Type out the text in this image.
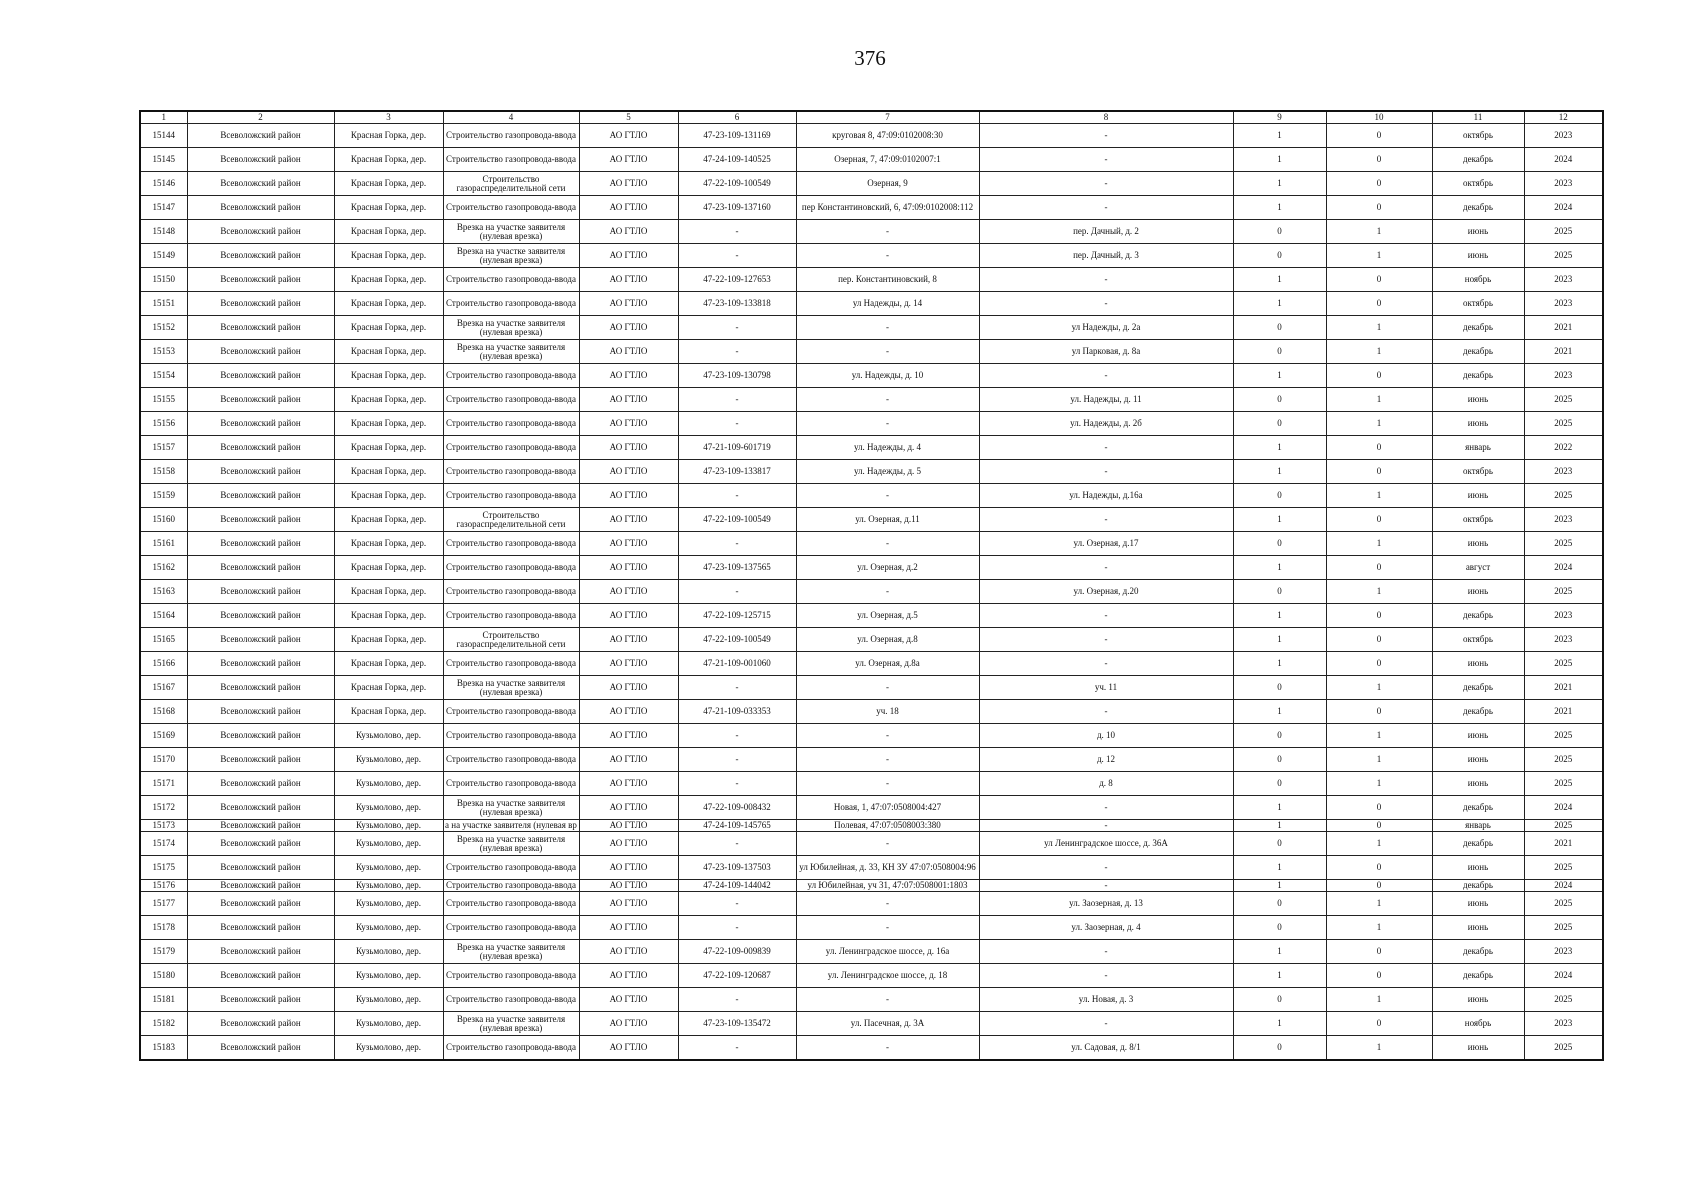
376
1	2	3	4	5	6	7	8	9	10	11	12
15144	Всеволожский район	Красная Горка, дер.	Строительство газопровода-ввода	АО ГТЛО	47-23-109-131169	круговая 8, 47:09:0102008:30	-	1	0	октябрь	2023
15145	Всеволожский район	Красная Горка, дер.	Строительство газопровода-ввода	АО ГТЛО	47-24-109-140525	Озерная, 7, 47:09:0102007:1	-	1	0	декабрь	2024
15146	Всеволожский район	Красная Горка, дер.	Строительство газораспределительной сети	АО ГТЛО	47-22-109-100549	Озерная, 9	-	1	0	октябрь	2023
15147	Всеволожский район	Красная Горка, дер.	Строительство газопровода-ввода	АО ГТЛО	47-23-109-137160	пер Константиновский, 6, 47:09:0102008:112	-	1	0	декабрь	2024
15148	Всеволожский район	Красная Горка, дер.	Врезка на участке заявителя (нулевая врезка)	АО ГТЛО	-	-	пер. Дачный, д. 2	0	1	июнь	2025
15149	Всеволожский район	Красная Горка, дер.	Врезка на участке заявителя (нулевая врезка)	АО ГТЛО	-	-	пер. Дачный, д. 3	0	1	июнь	2025
15150	Всеволожский район	Красная Горка, дер.	Строительство газопровода-ввода	АО ГТЛО	47-22-109-127653	пер. Константиновский, 8	-	1	0	ноябрь	2023
15151	Всеволожский район	Красная Горка, дер.	Строительство газопровода-ввода	АО ГТЛО	47-23-109-133818	ул Надежды, д. 14	-	1	0	октябрь	2023
15152	Всеволожский район	Красная Горка, дер.	Врезка на участке заявителя (нулевая врезка)	АО ГТЛО	-	-	ул Надежды, д. 2а	0	1	декабрь	2021
15153	Всеволожский район	Красная Горка, дер.	Врезка на участке заявителя (нулевая врезка)	АО ГТЛО	-	-	ул Парковая, д. 8а	0	1	декабрь	2021
15154	Всеволожский район	Красная Горка, дер.	Строительство газопровода-ввода	АО ГТЛО	47-23-109-130798	ул. Надежды, д. 10	-	1	0	декабрь	2023
15155	Всеволожский район	Красная Горка, дер.	Строительство газопровода-ввода	АО ГТЛО	-	-	ул. Надежды, д. 11	0	1	июнь	2025
15156	Всеволожский район	Красная Горка, дер.	Строительство газопровода-ввода	АО ГТЛО	-	-	ул. Надежды, д. 2б	0	1	июнь	2025
15157	Всеволожский район	Красная Горка, дер.	Строительство газопровода-ввода	АО ГТЛО	47-21-109-601719	ул. Надежды, д. 4	-	1	0	январь	2022
15158	Всеволожский район	Красная Горка, дер.	Строительство газопровода-ввода	АО ГТЛО	47-23-109-133817	ул. Надежды, д. 5	-	1	0	октябрь	2023
15159	Всеволожский район	Красная Горка, дер.	Строительство газопровода-ввода	АО ГТЛО	-	-	ул. Надежды, д.16а	0	1	июнь	2025
15160	Всеволожский район	Красная Горка, дер.	Строительство газораспределительной сети	АО ГТЛО	47-22-109-100549	ул. Озерная, д.11	-	1	0	октябрь	2023
15161	Всеволожский район	Красная Горка, дер.	Строительство газопровода-ввода	АО ГТЛО	-	-	ул. Озерная, д.17	0	1	июнь	2025
15162	Всеволожский район	Красная Горка, дер.	Строительство газопровода-ввода	АО ГТЛО	47-23-109-137565	ул. Озерная, д.2	-	1	0	август	2024
15163	Всеволожский район	Красная Горка, дер.	Строительство газопровода-ввода	АО ГТЛО	-	-	ул. Озерная, д.20	0	1	июнь	2025
15164	Всеволожский район	Красная Горка, дер.	Строительство газопровода-ввода	АО ГТЛО	47-22-109-125715	ул. Озерная, д.5	-	1	0	декабрь	2023
15165	Всеволожский район	Красная Горка, дер.	Строительство газораспределительной сети	АО ГТЛО	47-22-109-100549	ул. Озерная, д.8	-	1	0	октябрь	2023
15166	Всеволожский район	Красная Горка, дер.	Строительство газопровода-ввода	АО ГТЛО	47-21-109-001060	ул. Озерная, д.8а	-	1	0	июнь	2025
15167	Всеволожский район	Красная Горка, дер.	Врезка на участке заявителя (нулевая врезка)	АО ГТЛО	-	-	уч. 11	0	1	декабрь	2021
15168	Всеволожский район	Красная Горка, дер.	Строительство газопровода-ввода	АО ГТЛО	47-21-109-033353	уч. 18	-	1	0	декабрь	2021
15169	Всеволожский район	Кузьмолово, дер.	Строительство газопровода-ввода	АО ГТЛО	-	-	д. 10	0	1	июнь	2025
15170	Всеволожский район	Кузьмолово, дер.	Строительство газопровода-ввода	АО ГТЛО	-	-	д. 12	0	1	июнь	2025
15171	Всеволожский район	Кузьмолово, дер.	Строительство газопровода-ввода	АО ГТЛО	-	-	д. 8	0	1	июнь	2025
15172	Всеволожский район	Кузьмолово, дер.	Врезка на участке заявителя (нулевая врезка)	АО ГТЛО	47-22-109-008432	Новая, 1, 47:07:0508004:427	-	1	0	декабрь	2024
15173	Всеволожский район	Кузьмолово, дер.	а на участке заявителя (нулевая вр	АО ГТЛО	47-24-109-145765	Полевая, 47:07:0508003:380	-	1	0	январь	2025
15174	Всеволожский район	Кузьмолово, дер.	Врезка на участке заявителя (нулевая врезка)	АО ГТЛО	-	-	ул Ленинградское шоссе, д. 36А	0	1	декабрь	2021
15175	Всеволожский район	Кузьмолово, дер.	Строительство газопровода-ввода	АО ГТЛО	47-23-109-137503	ул Юбилейная, д. 33, КН ЗУ 47:07:0508004:96	-	1	0	июнь	2025
15176	Всеволожский район	Кузьмолово, дер.	Строительство газопровода-ввода	АО ГТЛО	47-24-109-144042	ул Юбилейная, уч 31, 47:07:0508001:1803	-	1	0	декабрь	2024
15177	Всеволожский район	Кузьмолово, дер.	Строительство газопровода-ввода	АО ГТЛО	-	-	ул. Заозерная, д. 13	0	1	июнь	2025
15178	Всеволожский район	Кузьмолово, дер.	Строительство газопровода-ввода	АО ГТЛО	-	-	ул. Заозерная, д. 4	0	1	июнь	2025
15179	Всеволожский район	Кузьмолово, дер.	Врезка на участке заявителя (нулевая врезка)	АО ГТЛО	47-22-109-009839	ул. Ленинградское шоссе, д. 16а	-	1	0	декабрь	2023
15180	Всеволожский район	Кузьмолово, дер.	Строительство газопровода-ввода	АО ГТЛО	47-22-109-120687	ул. Ленинградское шоссе, д. 18	-	1	0	декабрь	2024
15181	Всеволожский район	Кузьмолово, дер.	Строительство газопровода-ввода	АО ГТЛО	-	-	ул. Новая, д. 3	0	1	июнь	2025
15182	Всеволожский район	Кузьмолово, дер.	Врезка на участке заявителя (нулевая врезка)	АО ГТЛО	47-23-109-135472	ул. Пасечная, д. 3А	-	1	0	ноябрь	2023
15183	Всеволожский район	Кузьмолово, дер.	Строительство газопровода-ввода	АО ГТЛО	-	-	ул. Садовая, д. 8/1	0	1	июнь	2025
